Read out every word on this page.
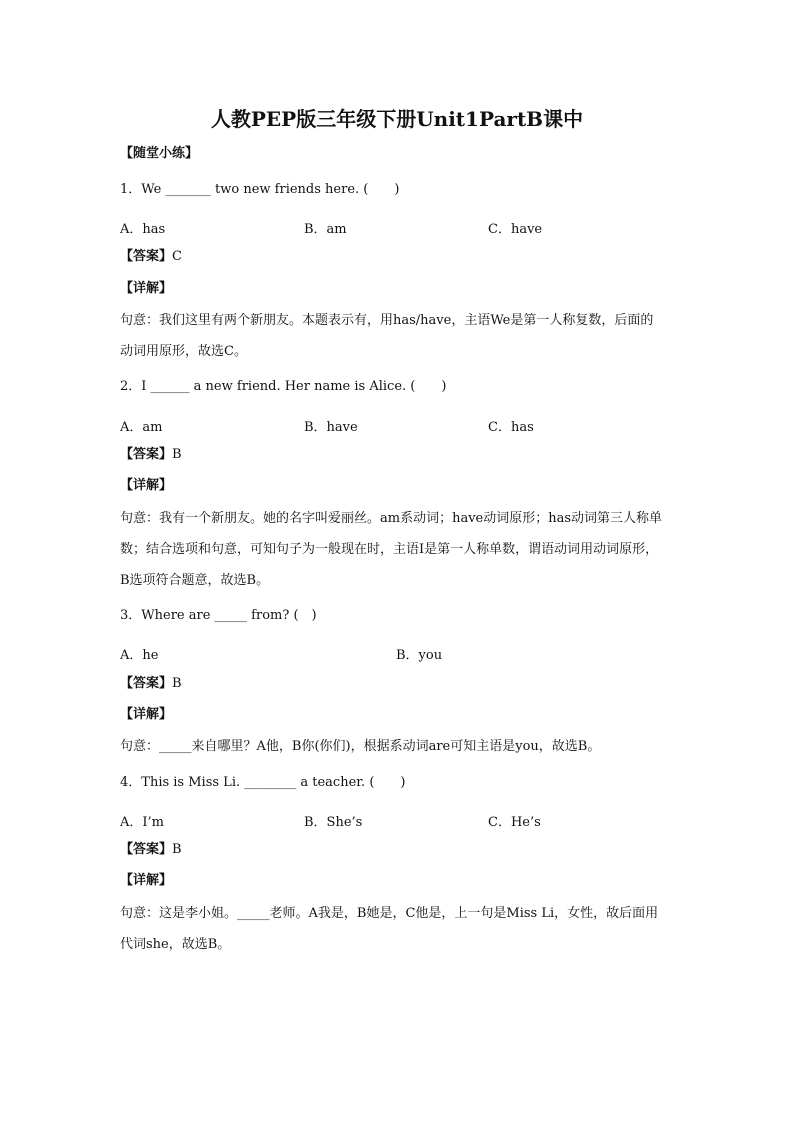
人教PEP版三年级下册Unit1PartB课中
【随堂小练】
1．We _______ two new friends here. (　　)
A．has	B．am	C．have
【答案】C
【详解】
句意：我们这里有两个新朋友。本题表示有，用has/have，主语We是第一人称复数，后面的动词用原形，故选C。
2．I ______ a new friend. Her name is Alice. (　　)
A．am	B．have	C．has
【答案】B
【详解】
句意：我有一个新朋友。她的名字叫爱丽丝。am系动词；have动词原形；has动词第三人称单数；结合选项和句意，可知句子为一般现在时，主语I是第一人称单数，谓语动词用动词原形，B选项符合题意，故选B。
3．Where are _____ from? (　)
A．he	B．you
【答案】B
【详解】
句意：_____来自哪里？A他，B你(你们)，根据系动词are可知主语是you，故选B。
4．This is Miss Li. ________ a teacher. (　　)
A．I’m	B．She’s	C．He’s
【答案】B
【详解】
句意：这是李小姐。_____老师。A我是，B她是，C他是，上一句是Miss Li，女性，故后面用代词she，故选B。
